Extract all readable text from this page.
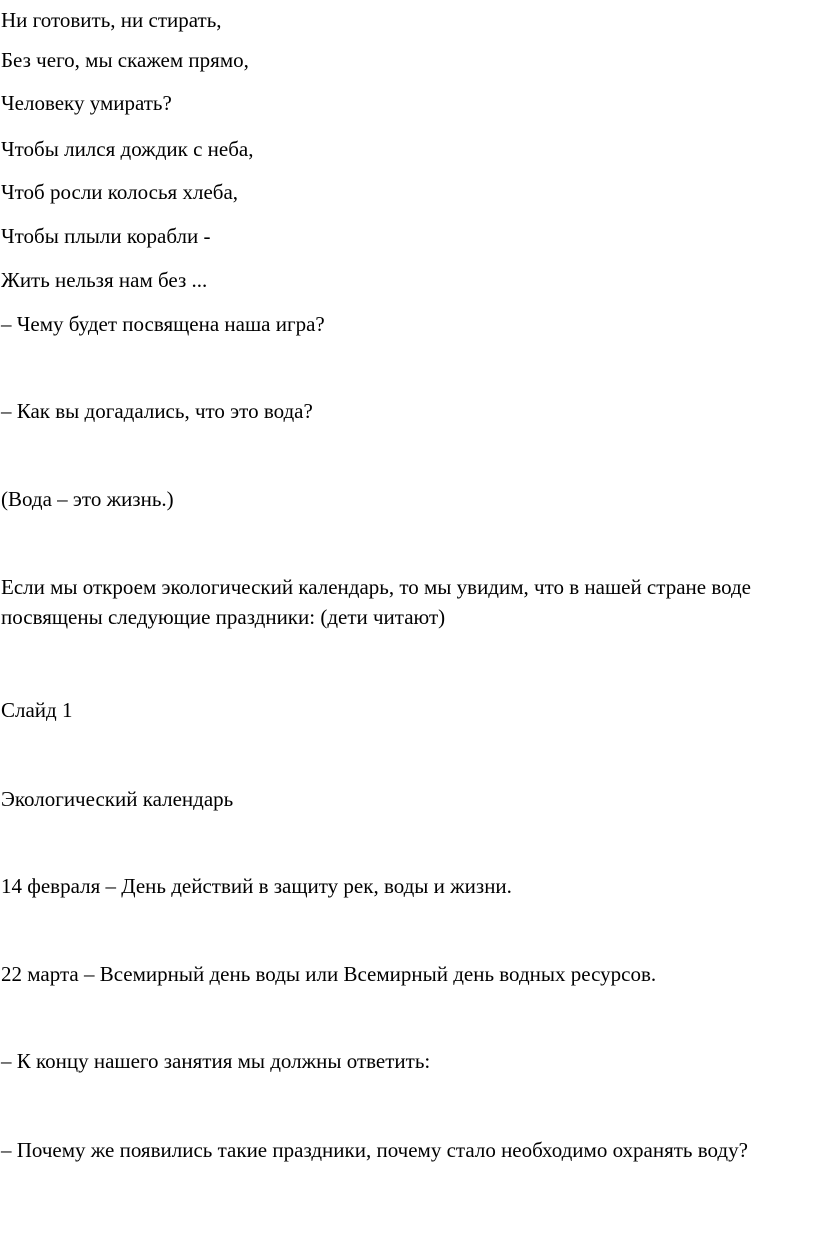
Ни готовить, ни стирать,
Без чего, мы скажем прямо,
Человеку умирать?
Чтобы лился дождик с неба,
Чтоб росли колосья хлеба,
Чтобы плыли корабли -
Жить нельзя нам без ...
– Чему будет посвящена наша игра?
– Как вы догадались, что это вода?
(Вода – это жизнь.)
Если мы откроем экологический календарь, то мы увидим, что в нашей стране воде посвящены следующие праздники: (дети читают)
Слайд 1
Экологический календарь
14 февраля – День действий в защиту рек, воды и жизни.
22 марта – Всемирный день воды или Всемирный день водных ресурсов.
– К концу нашего занятия мы должны ответить:
– Почему же появились такие праздники, почему стало необходимо охранять воду?
